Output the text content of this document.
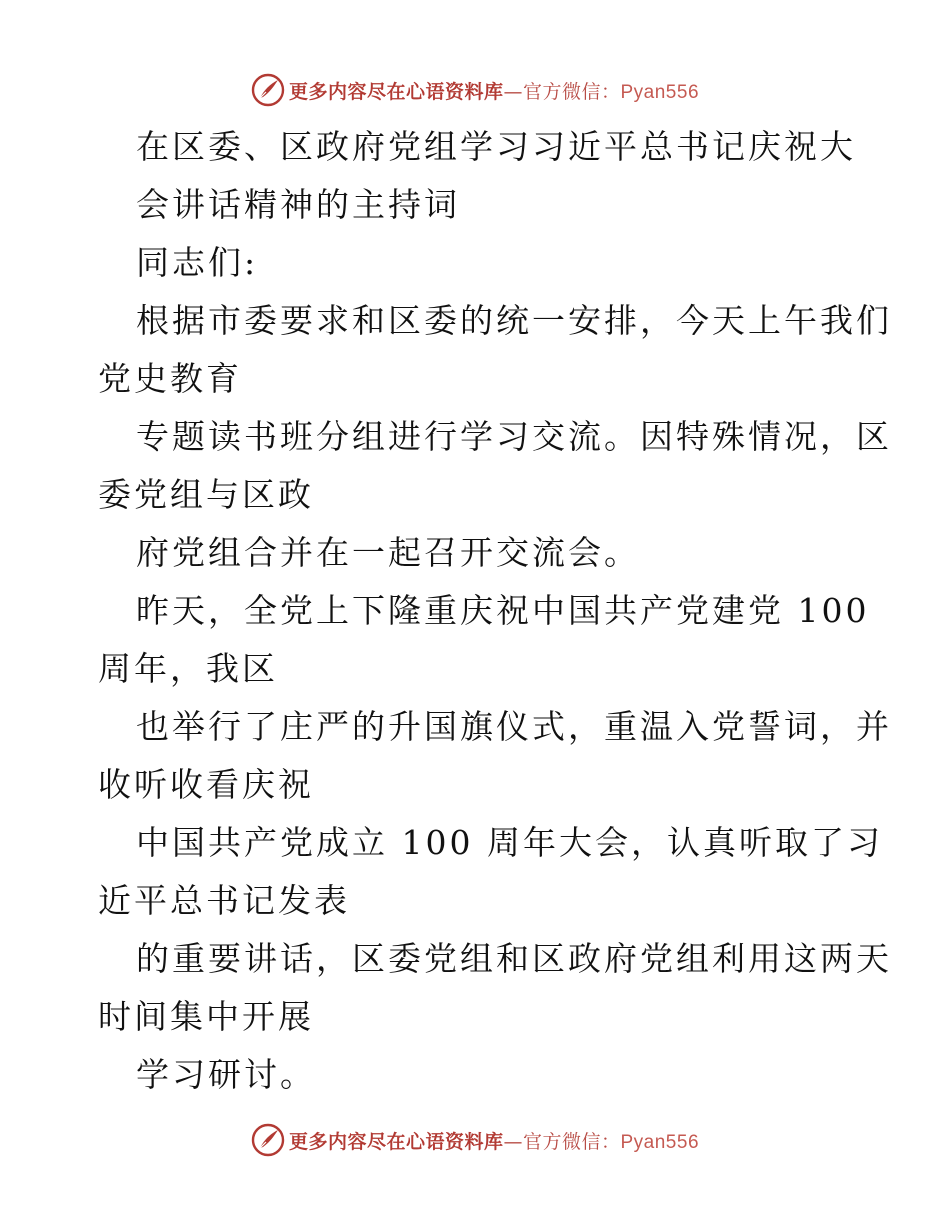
更多内容尽在心语资料库—官方微信：Pyan556
在区委、区政府党组学习习近平总书记庆祝大
会讲话精神的主持词
同志们:
根据市委要求和区委的统一安排，今天上午我们
党史教育
专题读书班分组进行学习交流。因特殊情况，区
委党组与区政
府党组合并在一起召开交流会。
昨天，全党上下隆重庆祝中国共产党建党 100
周年，我区
也举行了庄严的升国旗仪式，重温入党誓词，并
收听收看庆祝
中国共产党成立 100 周年大会，认真听取了习
近平总书记发表
的重要讲话，区委党组和区政府党组利用这两天
时间集中开展
学习研讨。
更多内容尽在心语资料库—官方微信：Pyan556
